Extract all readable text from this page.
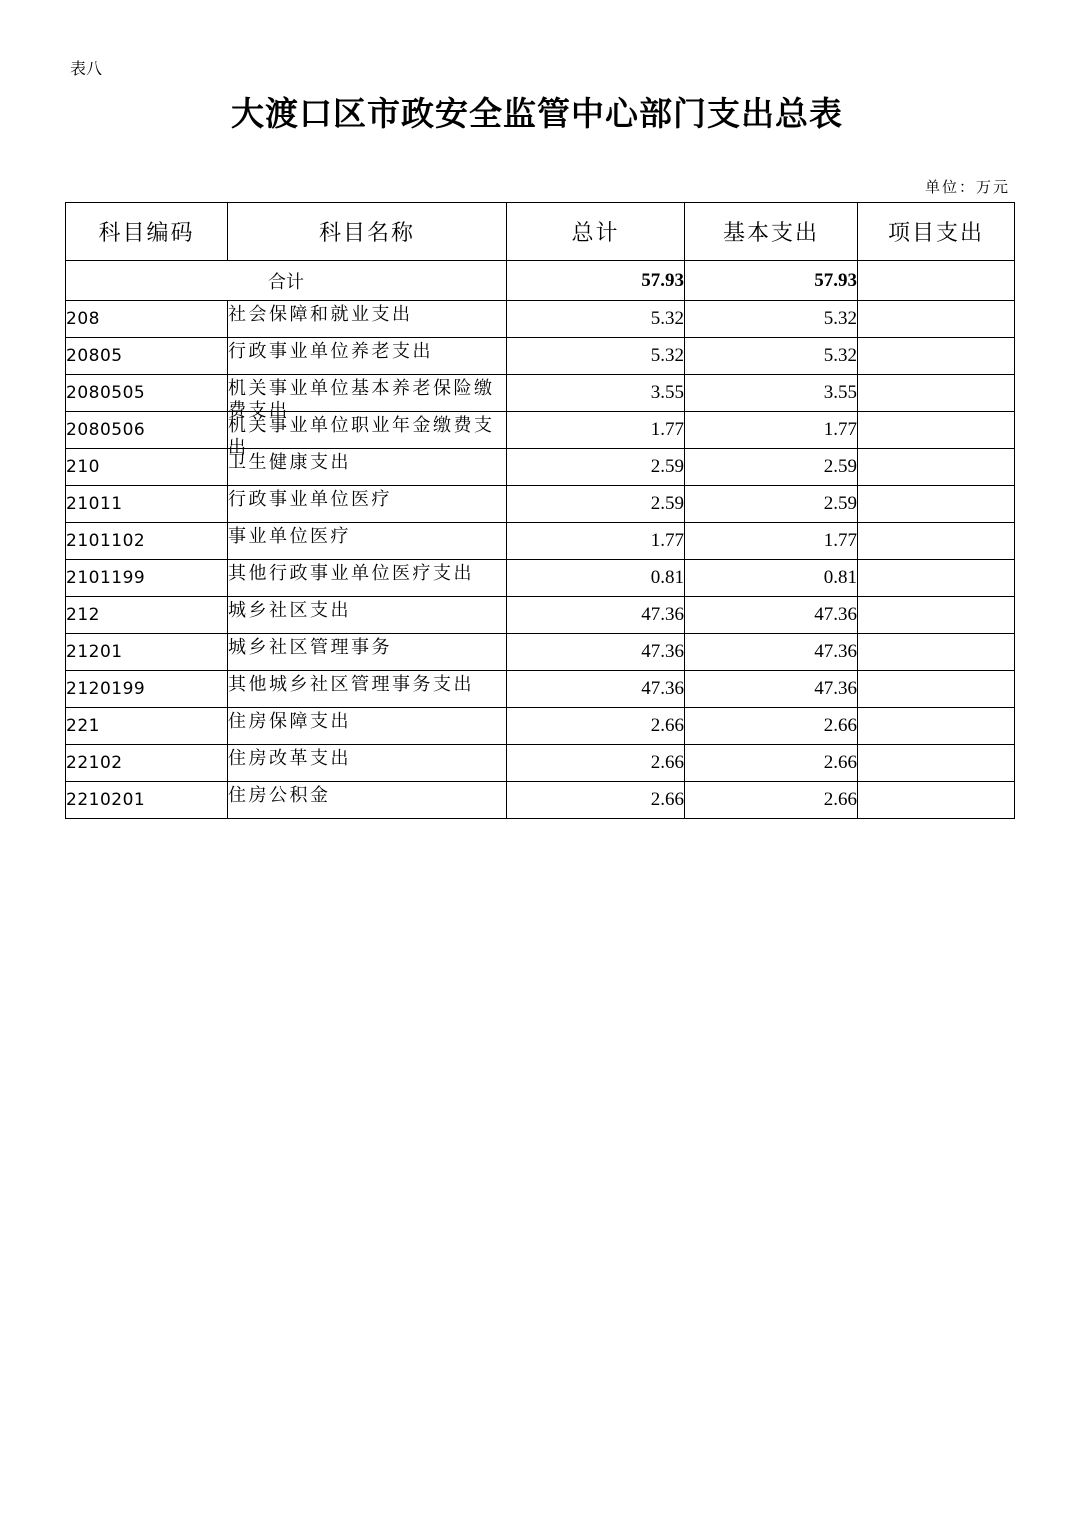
表八
大渡口区市政安全监管中心部门支出总表
单位：万元
科目编码	科目名称	总计	基本支出	项目支出
合计		57.93	57.93	
208	社会保障和就业支出	5.32	5.32	
20805	行政事业单位养老支出	5.32	5.32	
2080505	机关事业单位基本养老保险缴费支出	3.55	3.55	
2080506	机关事业单位职业年金缴费支出	1.77	1.77	
210	卫生健康支出	2.59	2.59	
21011	行政事业单位医疗	2.59	2.59	
2101102	事业单位医疗	1.77	1.77	
2101199	其他行政事业单位医疗支出	0.81	0.81	
212	城乡社区支出	47.36	47.36	
21201	城乡社区管理事务	47.36	47.36	
2120199	其他城乡社区管理事务支出	47.36	47.36	
221	住房保障支出	2.66	2.66	
22102	住房改革支出	2.66	2.66	
2210201	住房公积金	2.66	2.66	
